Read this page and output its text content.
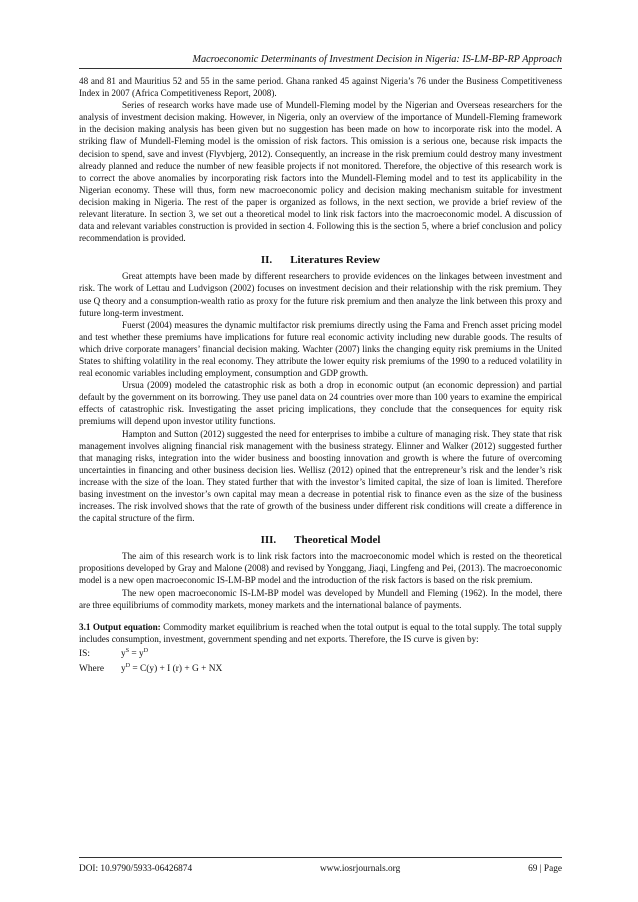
Macroeconomic Determinants of Investment Decision in Nigeria: IS-LM-BP-RP Approach

48 and 81 and Mauritius 52 and 55 in the same period. Ghana ranked 45 against Nigeria’s 76 under the Business Competitiveness Index in 2007 (Africa Competitiveness Report, 2008).

Series of research works have made use of Mundell-Fleming model by the Nigerian and Overseas researchers for the analysis of investment decision making. However, in Nigeria, only an overview of the importance of Mundell-Fleming framework in the decision making analysis has been given but no suggestion has been made on how to incorporate risk into the model. A striking flaw of Mundell-Fleming model is the omission of risk factors. This omission is a serious one, because risk impacts the decision to spend, save and invest (Flyvbjerg, 2012). Consequently, an increase in the risk premium could destroy many investment already planned and reduce the number of new feasible projects if not monitored. Therefore, the objective of this research work is to correct the above anomalies by incorporating risk factors into the Mundell-Fleming model and to test its applicability in the Nigerian economy. These will thus, form new macroeconomic policy and decision making mechanism suitable for investment decision making in Nigeria. The rest of the paper is organized as follows, in the next section, we provide a brief review of the relevant literature. In section 3, we set out a theoretical model to link risk factors into the macroeconomic model. A discussion of data and relevant variables construction is provided in section 4. Following this is the section 5, where a brief conclusion and policy recommendation is provided.

II. Literatures Review

Great attempts have been made by different researchers to provide evidences on the linkages between investment and risk. The work of Lettau and Ludvigson (2002) focuses on investment decision and their relationship with the risk premium. They use Q theory and a consumption-wealth ratio as proxy for the future risk premium and then analyze the link between this proxy and future long-term investment.

Fuerst (2004) measures the dynamic multifactor risk premiums directly using the Fama and French asset pricing model and test whether these premiums have implications for future real economic activity including new durable goods. The results of which drive corporate managers’ financial decision making. Wachter (2007) links the changing equity risk premiums in the United States to shifting volatility in the real economy. They attribute the lower equity risk premiums of the 1990 to a reduced volatility in real economic variables including employment, consumption and GDP growth.

Ursua (2009) modeled the catastrophic risk as both a drop in economic output (an economic depression) and partial default by the government on its borrowing. They use panel data on 24 countries over more than 100 years to examine the empirical effects of catastrophic risk. Investigating the asset pricing implications, they conclude that the consequences for equity risk premiums will depend upon investor utility functions.

Hampton and Sutton (2012) suggested the need for enterprises to imbibe a culture of managing risk. They state that risk management involves aligning financial risk management with the business strategy. Elinner and Walker (2012) suggested further that managing risks, integration into the wider business and boosting innovation and growth is where the future of overcoming uncertainties in financing and other business decision lies. Wellisz (2012) opined that the entrepreneur’s risk and the lender’s risk increase with the size of the loan. They stated further that with the investor’s limited capital, the size of loan is limited. Therefore basing investment on the investor’s own capital may mean a decrease in potential risk to finance even as the size of the business increases. The risk involved shows that the rate of growth of the business under different risk conditions will create a difference in the capital structure of the firm.

III. Theoretical Model

The aim of this research work is to link risk factors into the macroeconomic model which is rested on the theoretical propositions developed by Gray and Malone (2008) and revised by Yonggang, Jiaqi, Lingfeng and Pei, (2013). The macroeconomic model is a new open macroeconomic IS-LM-BP model and the introduction of the risk factors is based on the risk premium.

The new open macroeconomic IS-LM-BP model was developed by Mundell and Fleming (1962). In the model, there are three equilibriums of commodity markets, money markets and the international balance of payments.

3.1 Output equation: Commodity market equilibrium is reached when the total output is equal to the total supply. The total supply includes consumption, investment, government spending and net exports. Therefore, the IS curve is given by:

IS:	$y^S = y^D$
Where $y^D = C(y) + I$ (r) + G + NX
DOI: 10.9790/5933-06426874	www.iosrjournals.org	69 | Page
